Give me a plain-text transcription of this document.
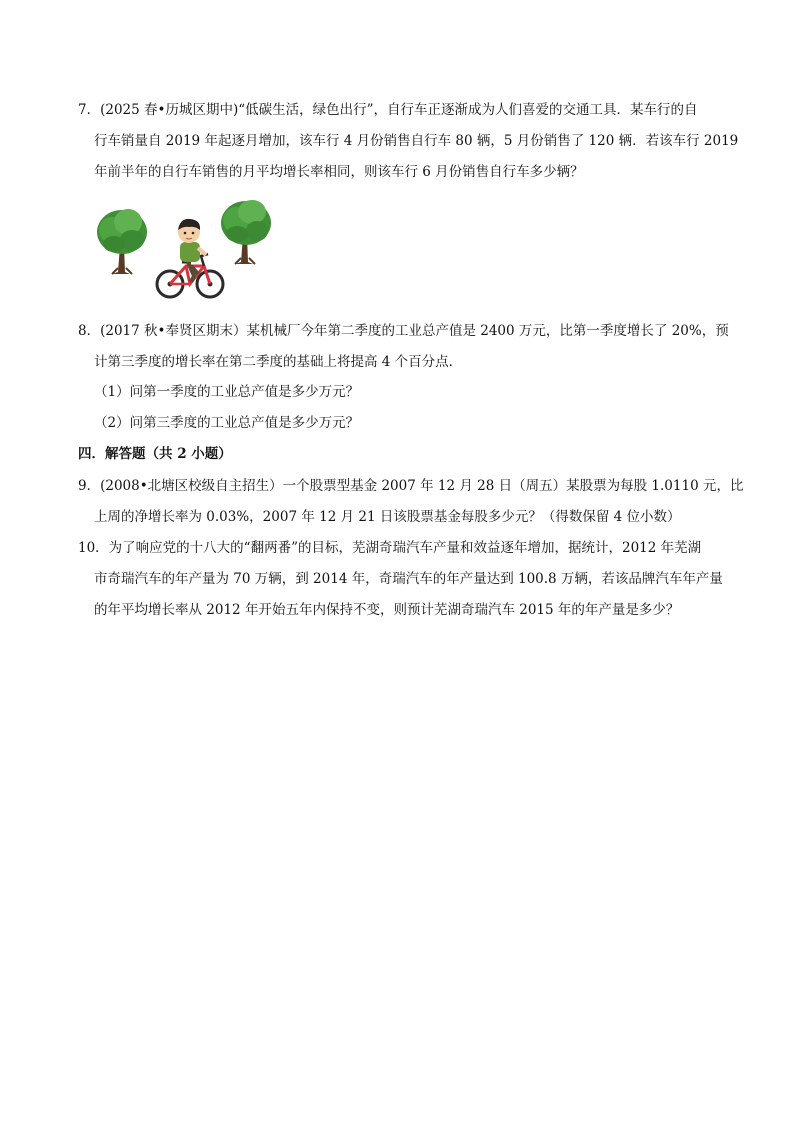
7．(2025 春•历城区期中)“低碳生活，绿色出行”，自行车正逐渐成为人们喜爱的交通工具．某车行的自
行车销量自 2019 年起逐月增加，该车行 4 月份销售自行车 80 辆，5 月份销售了 120 辆．若该车行 2019
年前半年的自行车销售的月平均增长率相同，则该车行 6 月份销售自行车多少辆？
8．(2017 秋•奉贤区期末）某机械厂今年第二季度的工业总产值是 2400 万元，比第一季度增长了 20%，预
计第三季度的增长率在第二季度的基础上将提高 4 个百分点．
（1）问第一季度的工业总产值是多少万元？
（2）问第三季度的工业总产值是多少万元？
四．解答题（共 2 小题）
9．(2008•北塘区校级自主招生）一个股票型基金 2007 年 12 月 28 日（周五）某股票为每股 1.0110 元，比
上周的净增长率为 0.03%，2007 年 12 月 21 日该股票基金每股多少元？（得数保留 4 位小数）
10．为了响应党的十八大的“翻两番”的目标，芜湖奇瑞汽车产量和效益逐年增加，据统计，2012 年芜湖
市奇瑞汽车的年产量为 70 万辆，到 2014 年，奇瑞汽车的年产量达到 100.8 万辆，若该品牌汽车年产量
的年平均增长率从 2012 年开始五年内保持不变，则预计芜湖奇瑞汽车 2015 年的年产量是多少？
